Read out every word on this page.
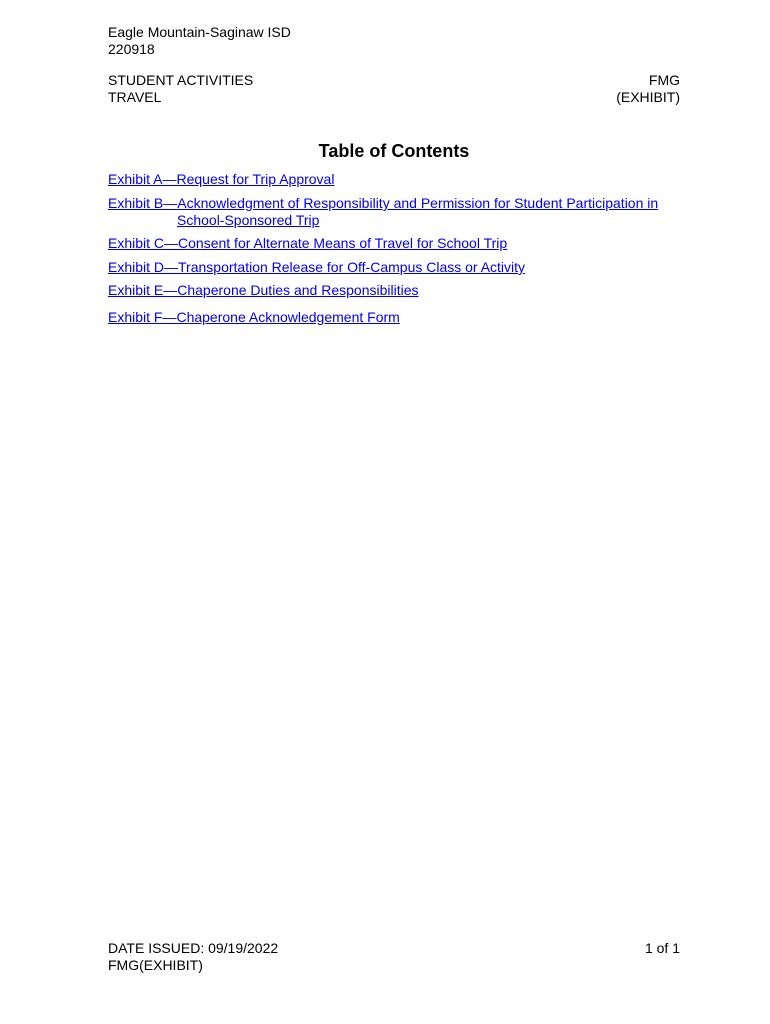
Eagle Mountain-Saginaw ISD
220918
STUDENT ACTIVITIES
TRAVEL
FMG
(EXHIBIT)
Table of Contents
Exhibit A—Request for Trip Approval
Exhibit B—Acknowledgment of Responsibility and Permission for Student Participation in
School-Sponsored Trip
Exhibit C—Consent for Alternate Means of Travel for School Trip
Exhibit D—Transportation Release for Off-Campus Class or Activity
Exhibit E—Chaperone Duties and Responsibilities
Exhibit F—Chaperone Acknowledgement Form
DATE ISSUED: 09/19/2022
FMG(EXHIBIT)
1 of 1
